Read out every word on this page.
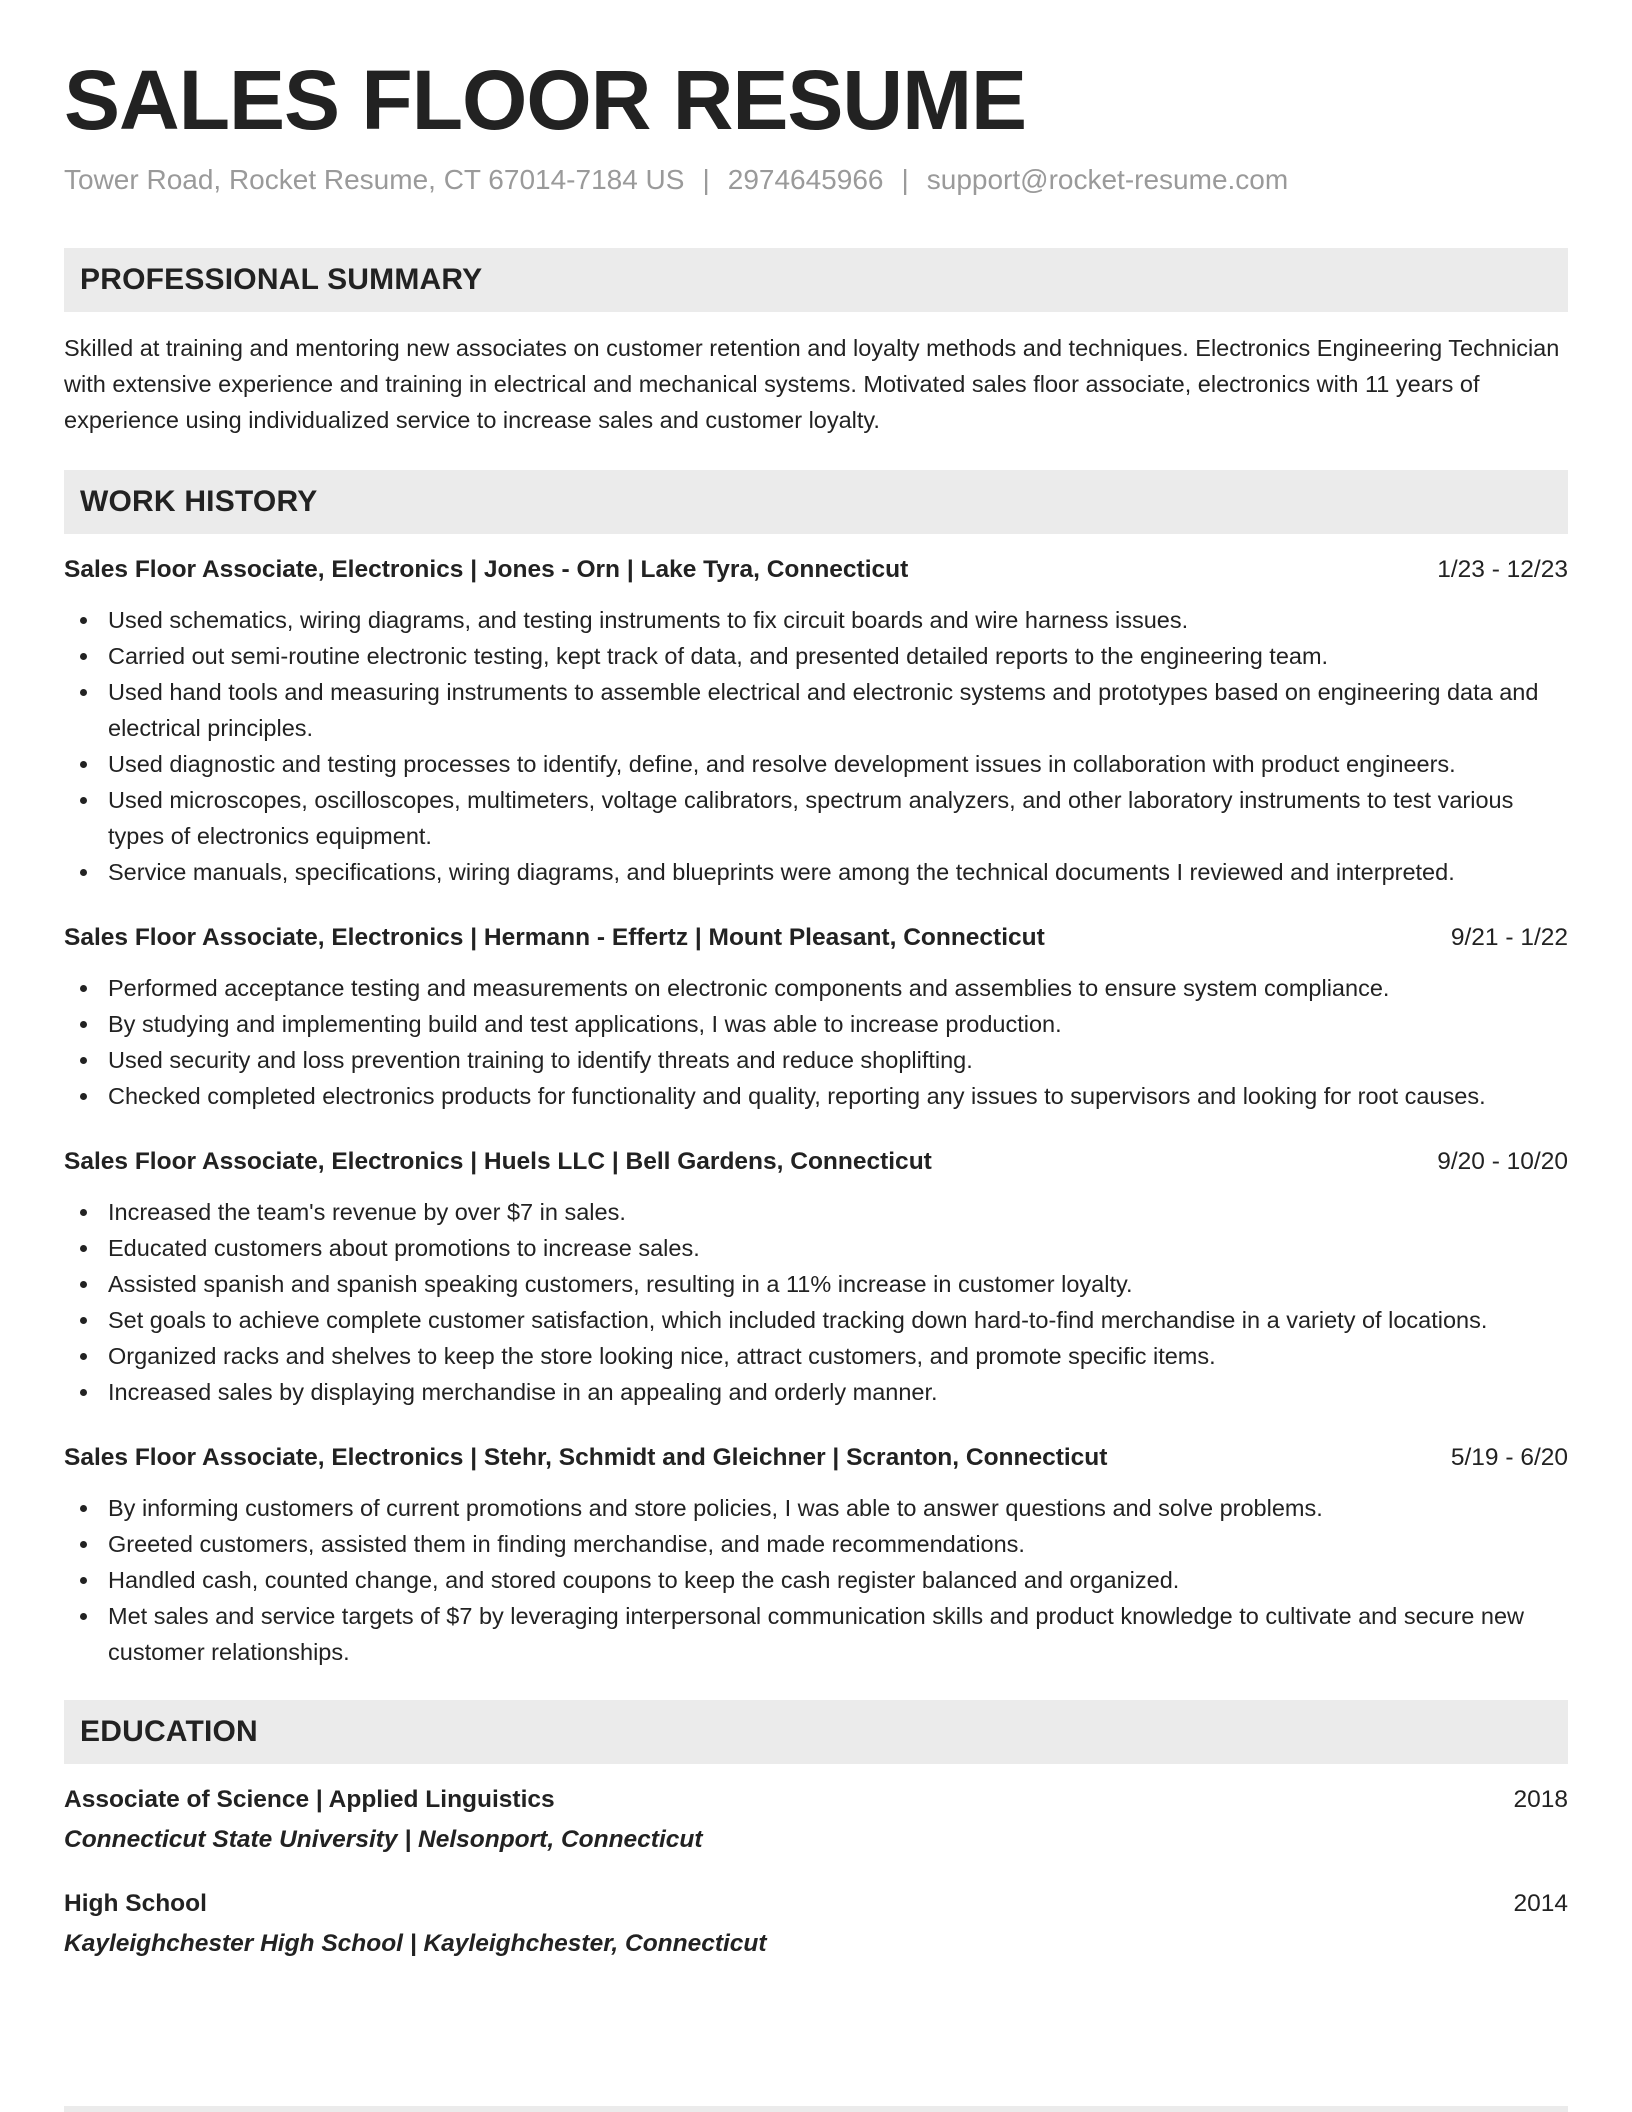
SALES FLOOR RESUME
Tower Road, Rocket Resume, CT 67014-7184 US | 2974645966 | support@rocket-resume.com
PROFESSIONAL SUMMARY

Skilled at training and mentoring new associates on customer retention and loyalty methods and techniques. Electronics Engineering Technician with extensive experience and training in electrical and mechanical systems. Motivated sales floor associate, electronics with 11 years of experience using individualized service to increase sales and customer loyalty.

WORK HISTORY
Sales Floor Associate, Electronics | Jones - Orn | Lake Tyra, Connecticut	1/23 - 12/23
Used schematics, wiring diagrams, and testing instruments to fix circuit boards and wire harness issues.
Carried out semi-routine electronic testing, kept track of data, and presented detailed reports to the engineering team.
Used hand tools and measuring instruments to assemble electrical and electronic systems and prototypes based on engineering data and electrical principles.
Used diagnostic and testing processes to identify, define, and resolve development issues in collaboration with product engineers.
Used microscopes, oscilloscopes, multimeters, voltage calibrators, spectrum analyzers, and other laboratory instruments to test various types of electronics equipment.
Service manuals, specifications, wiring diagrams, and blueprints were among the technical documents I reviewed and interpreted.
Sales Floor Associate, Electronics | Hermann - Effertz | Mount Pleasant, Connecticut	9/21 - 1/22
Performed acceptance testing and measurements on electronic components and assemblies to ensure system compliance.
By studying and implementing build and test applications, I was able to increase production.
Used security and loss prevention training to identify threats and reduce shoplifting.
Checked completed electronics products for functionality and quality, reporting any issues to supervisors and looking for root causes.
Sales Floor Associate, Electronics | Huels LLC | Bell Gardens, Connecticut	9/20 - 10/20
Increased the team's revenue by over $7 in sales.
Educated customers about promotions to increase sales.
Assisted spanish and spanish speaking customers, resulting in a 11% increase in customer loyalty.
Set goals to achieve complete customer satisfaction, which included tracking down hard-to-find merchandise in a variety of locations.
Organized racks and shelves to keep the store looking nice, attract customers, and promote specific items.
Increased sales by displaying merchandise in an appealing and orderly manner.
Sales Floor Associate, Electronics | Stehr, Schmidt and Gleichner | Scranton, Connecticut	5/19 - 6/20
By informing customers of current promotions and store policies, I was able to answer questions and solve problems.
Greeted customers, assisted them in finding merchandise, and made recommendations.
Handled cash, counted change, and stored coupons to keep the cash register balanced and organized.
Met sales and service targets of $7 by leveraging interpersonal communication skills and product knowledge to cultivate and secure new customer relationships.
EDUCATION
Associate of Science | Applied Linguistics	2018
Connecticut State University | Nelsonport, Connecticut
High School	2014
Kayleighchester High School | Kayleighchester, Connecticut
